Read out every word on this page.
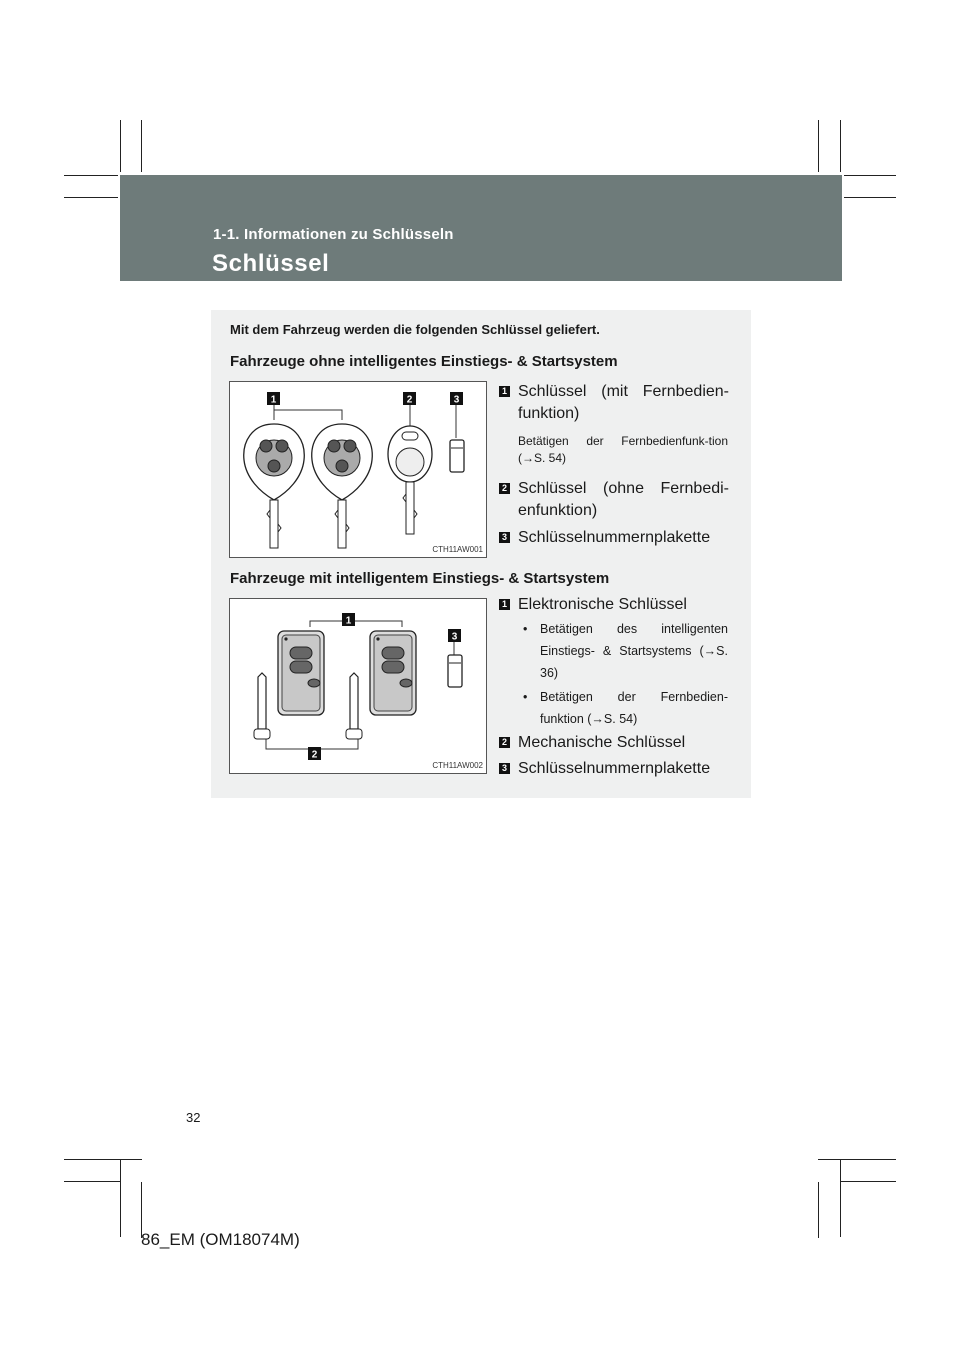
1-1. Informationen zu Schlüsseln
Schlüssel
Mit dem Fahrzeug werden die folgenden Schlüssel geliefert.
Fahrzeuge ohne intelligentes Einstiegs- & Startsystem
1	2	3
CTH11AW001
1 Schlüssel (mit Fernbedien-funktion)
Betätigen der Fernbedienfunk-tion (→S. 54)
2 Schlüssel (ohne Fernbedi-enfunktion)
3 Schlüsselnummernplakette
Fahrzeuge mit intelligentem Einstiegs- & Startsystem
1
2
3
CTH11AW002
1 Elektronische Schlüssel
• Betätigen des intelligenten Einstiegs- & Startsystems (→S. 36)
• Betätigen der Fernbedien-funktion (→S. 54)
2 Mechanische Schlüssel
3 Schlüsselnummernplakette
32
86_EM (OM18074M)
